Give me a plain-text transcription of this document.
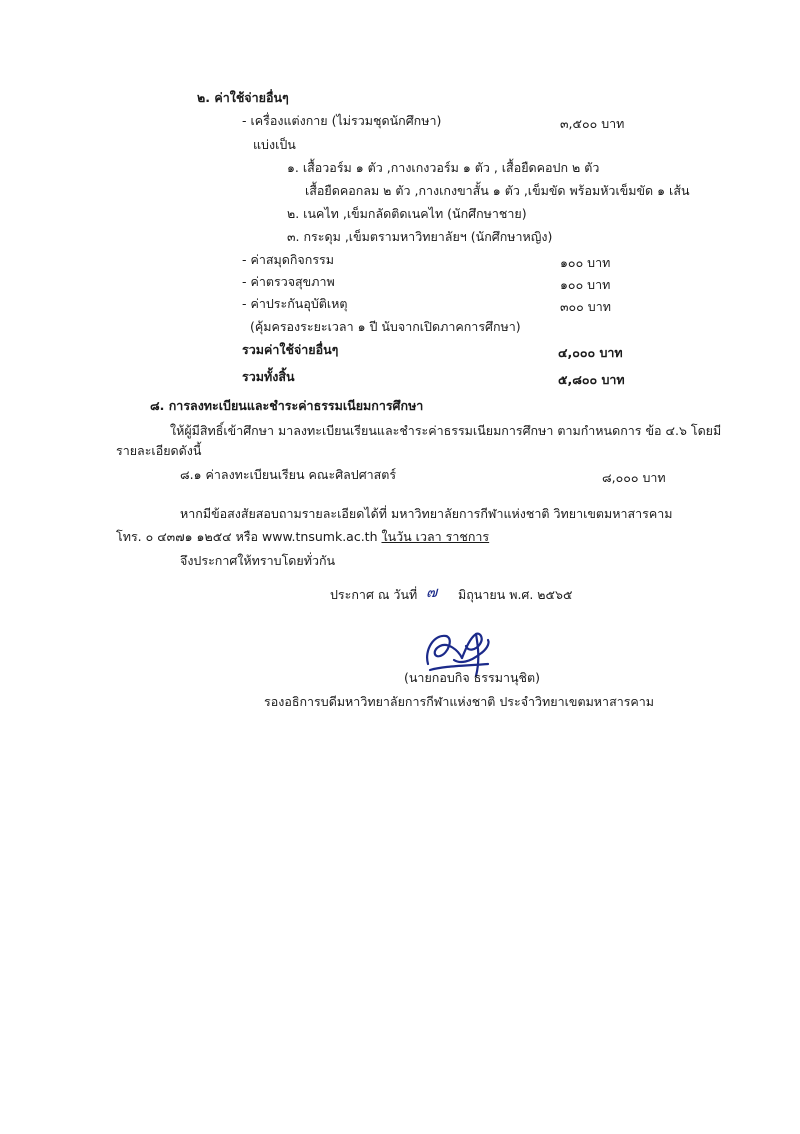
๒. ค่าใช้จ่ายอื่นๆ
- เครื่องแต่งกาย (ไม่รวมชุดนักศึกษา)	๓,๕๐๐ บาท
แบ่งเป็น
๑. เสื้อวอร์ม ๑ ตัว ,กางเกงวอร์ม ๑ ตัว , เสื้อยืดคอปก ๒ ตัว
เสื้อยืดคอกลม ๒ ตัว ,กางเกงขาสั้น ๑ ตัว ,เข็มขัด พร้อมหัวเข็มขัด ๑ เส้น
๒. เนคไท ,เข็มกลัดติดเนคไท (นักศึกษาชาย)
๓. กระดุม ,เข็มตรามหาวิทยาลัยฯ (นักศึกษาหญิง)
- ค่าสมุดกิจกรรม	๑๐๐ บาท
- ค่าตรวจสุขภาพ	๑๐๐ บาท
- ค่าประกันอุบัติเหตุ	๓๐๐ บาท
(คุ้มครองระยะเวลา ๑ ปี นับจากเปิดภาคการศึกษา)
รวมค่าใช้จ่ายอื่นๆ	๔,๐๐๐ บาท
รวมทั้งสิ้น	๕,๘๐๐ บาท
๘. การลงทะเบียนและชำระค่าธรรมเนียมการศึกษา
ให้ผู้มีสิทธิ์เข้าศึกษา มาลงทะเบียนเรียนและชำระค่าธรรมเนียมการศึกษา ตามกำหนดการ ข้อ ๔.๖ โดยมี
รายละเอียดดังนี้
๘.๑ ค่าลงทะเบียนเรียน คณะศิลปศาสตร์	๘,๐๐๐ บาท
หากมีข้อสงสัยสอบถามรายละเอียดได้ที่ มหาวิทยาลัยการกีฬาแห่งชาติ วิทยาเขตมหาสารคาม
โทร. ๐ ๔๓๗๑ ๑๒๕๔ หรือ www.tnsumk.ac.th ในวัน เวลา ราชการ
จึงประกาศให้ทราบโดยทั่วกัน
ประกาศ ณ วันที่ ๗ มิถุนายน พ.ศ. ๒๕๖๕
(นายกอบกิจ ธรรมานุชิต)
รองอธิการบดีมหาวิทยาลัยการกีฬาแห่งชาติ ประจำวิทยาเขตมหาสารคาม
